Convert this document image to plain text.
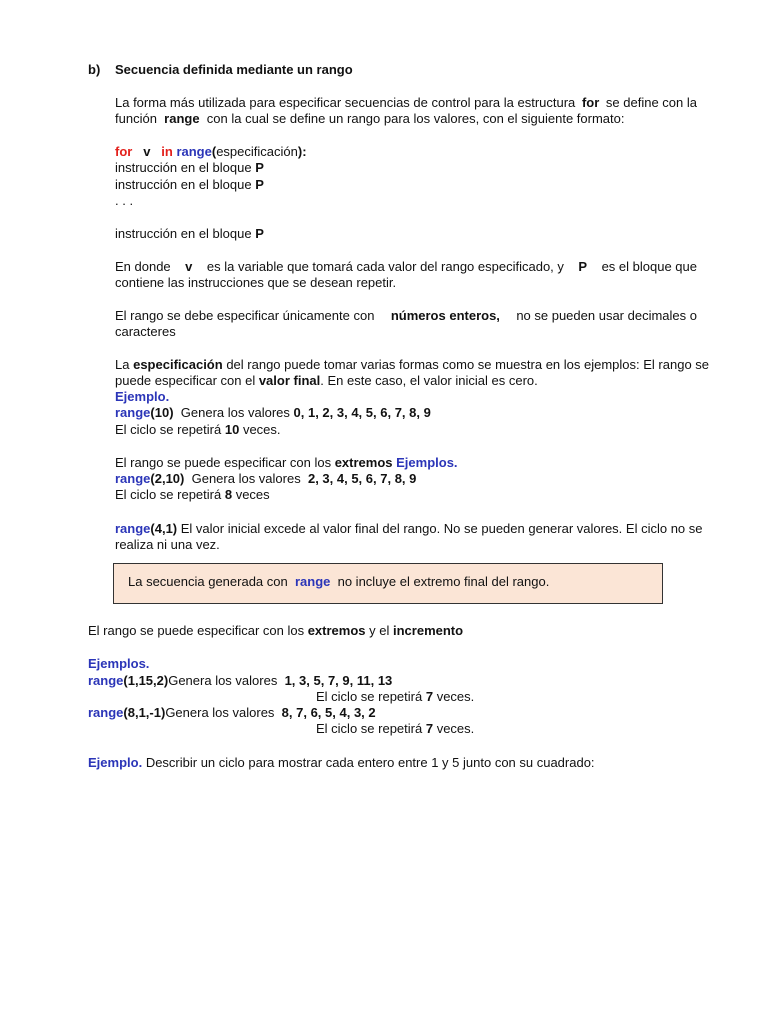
b) Secuencia definida mediante un rango
La forma más utilizada para especificar secuencias de control para la estructura for se define con la
función range con la cual se define un rango para los valores, con el siguiente formato:
for v in range(especificación):
instrucción en el bloque P
instrucción en el bloque P
. . .
instrucción en el bloque P
En donde v es la variable que tomará cada valor del rango especificado, y P es el bloque que
contiene las instrucciones que se desean repetir.
El rango se debe especificar únicamente con números enteros, no se pueden usar decimales o
caracteres
La especificación del rango puede tomar varias formas como se muestra en los ejemplos: El rango se
puede especificar con el valor final. En este caso, el valor inicial es cero.
Ejemplo.
range(10) Genera los valores 0, 1, 2, 3, 4, 5, 6, 7, 8, 9
El ciclo se repetirá 10 veces.
El rango se puede especificar con los extremos Ejemplos.
range(2,10) Genera los valores 2, 3, 4, 5, 6, 7, 8, 9
El ciclo se repetirá 8 veces
range(4,1) El valor inicial excede al valor final del rango. No se pueden generar valores. El ciclo no se
realiza ni una vez.
La secuencia generada con range no incluye el extremo final del rango.
El rango se puede especificar con los extremos y el incremento
Ejemplos.
range(1,15,2)Genera los valores 1, 3, 5, 7, 9, 11, 13
El ciclo se repetirá 7 veces.
range(8,1,-1)Genera los valores 8, 7, 6, 5, 4, 3, 2
El ciclo se repetirá 7 veces.
Ejemplo. Describir un ciclo para mostrar cada entero entre 1 y 5 junto con su cuadrado:
